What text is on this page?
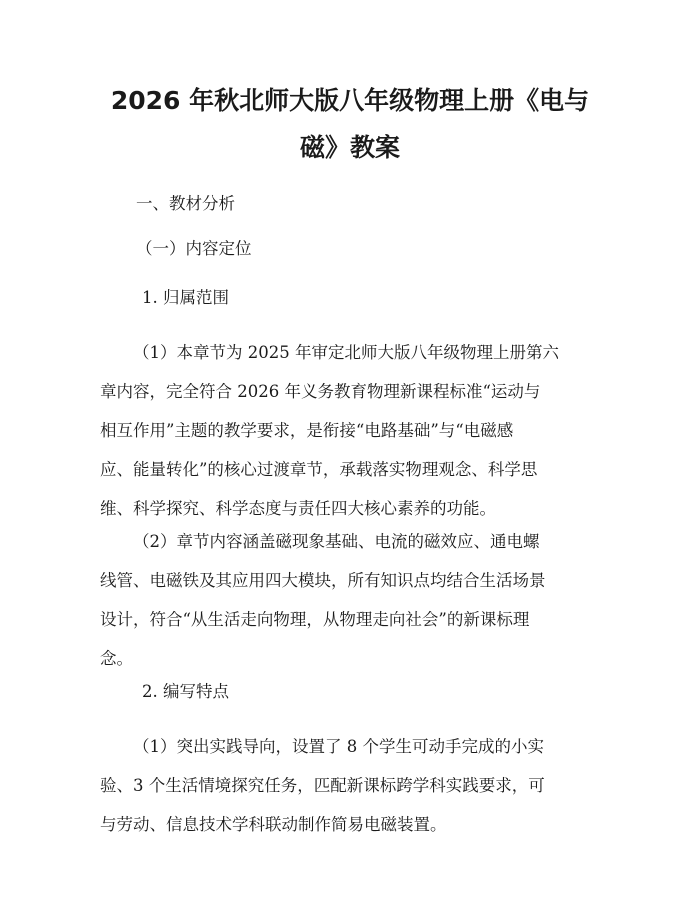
2026 年秋北师大版八年级物理上册《电与
磁》教案

一、教材分析

（一）内容定位

1. 归属范围

（1）本章节为 2025 年审定北师大版八年级物理上册第六
章内容，完全符合 2026 年义务教育物理新课程标准“运动与
相互作用”主题的教学要求，是衔接“电路基础”与“电磁感
应、能量转化”的核心过渡章节，承载落实物理观念、科学思
维、科学探究、科学态度与责任四大核心素养的功能。
（2）章节内容涵盖磁现象基础、电流的磁效应、通电螺
线管、电磁铁及其应用四大模块，所有知识点均结合生活场景
设计，符合“从生活走向物理，从物理走向社会”的新课标理
念。

2. 编写特点

（1）突出实践导向，设置了 8 个学生可动手完成的小实
验、3 个生活情境探究任务，匹配新课标跨学科实践要求，可
与劳动、信息技术学科联动制作简易电磁装置。
